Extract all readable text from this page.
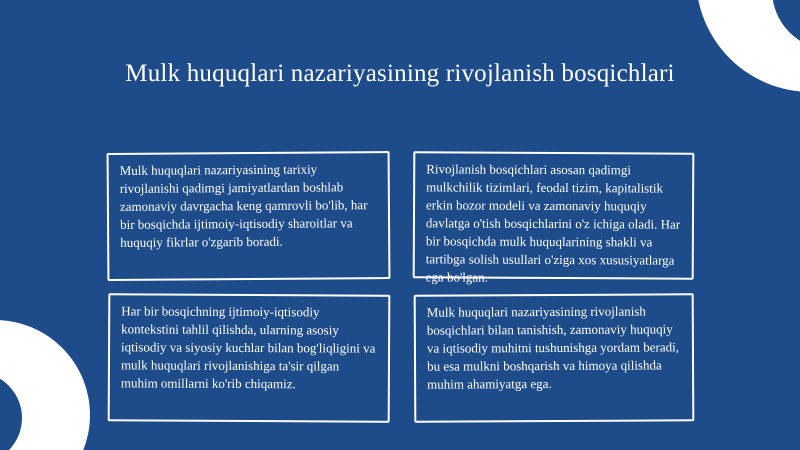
Mulk huquqlari nazariyasining rivojlanish bosqichlari
Mulk huquqlari nazariyasining tarixiy rivojlanishi qadimgi jamiyatlardan boshlab zamonaviy davrgacha keng qamrovli bo'lib, har bir bosqichda ijtimoiy-iqtisodiy sharoitlar va huquqiy fikrlar o'zgarib boradi.
Rivojlanish bosqichlari asosan qadimgi mulkchilik tizimlari, feodal tizim, kapitalistik erkin bozor modeli va zamonaviy huquqiy davlatga o'tish bosqichlarini o'z ichiga oladi. Har bir bosqichda mulk huquqlarining shakli va tartibga solish usullari o'ziga xos xususiyatlarga ega bo'lgan.
Har bir bosqichning ijtimoiy-iqtisodiy kontekstini tahlil qilishda, ularning asosiy iqtisodiy va siyosiy kuchlar bilan bog'liqligini va mulk huquqlari rivojlanishiga ta'sir qilgan muhim omillarni ko'rib chiqamiz.
Mulk huquqlari nazariyasining rivojlanish bosqichlari bilan tanishish, zamonaviy huquqiy va iqtisodiy muhitni tushunishga yordam beradi, bu esa mulkni boshqarish va himoya qilishda muhim ahamiyatga ega.
